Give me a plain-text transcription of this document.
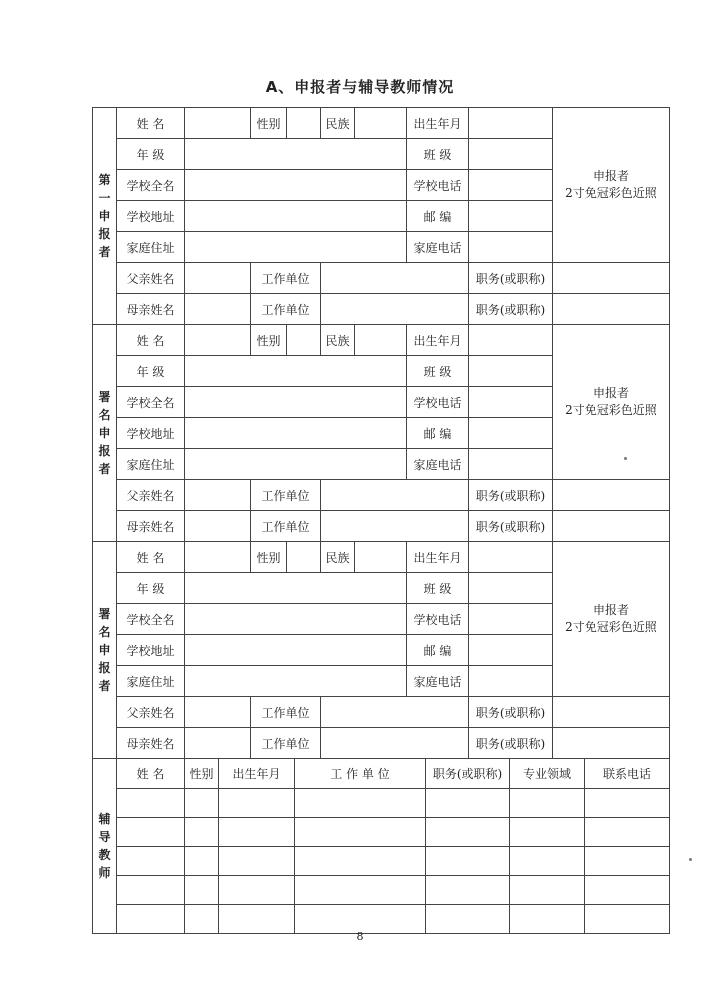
A、申报者与辅导教师情况
第
一
申
报
者	姓 名		性别		民族		出生年月		申报者
2寸免冠彩色近照

	年 级						班 级		
	学校全名						学校电话		
	学校地址						邮 编		
	家庭住址						家庭电话		
	父亲姓名		工作单位					职务(或职称)	
	母亲姓名		工作单位					职务(或职称)	

署
名
申
报
者	姓 名		性别		民族		出生年月		申报者
2寸免冠彩色近照

	年 级						班 级		
	学校全名						学校电话		
	学校地址						邮 编		
	家庭住址						家庭电话		
	父亲姓名		工作单位					职务(或职称)	
	母亲姓名		工作单位					职务(或职称)	

署
名
申
报
者	姓 名		性别		民族		出生年月		申报者
2寸免冠彩色近照

	年 级						班 级		
	学校全名						学校电话		
	学校地址						邮 编		
	家庭住址						家庭电话		
	父亲姓名		工作单位					职务(或职称)	
	母亲姓名		工作单位					职务(或职称)	
辅
导
教
师	姓 名	性别	出生年月	工 作 单 位	职务(或职称)	专业领域	联系电话

8
